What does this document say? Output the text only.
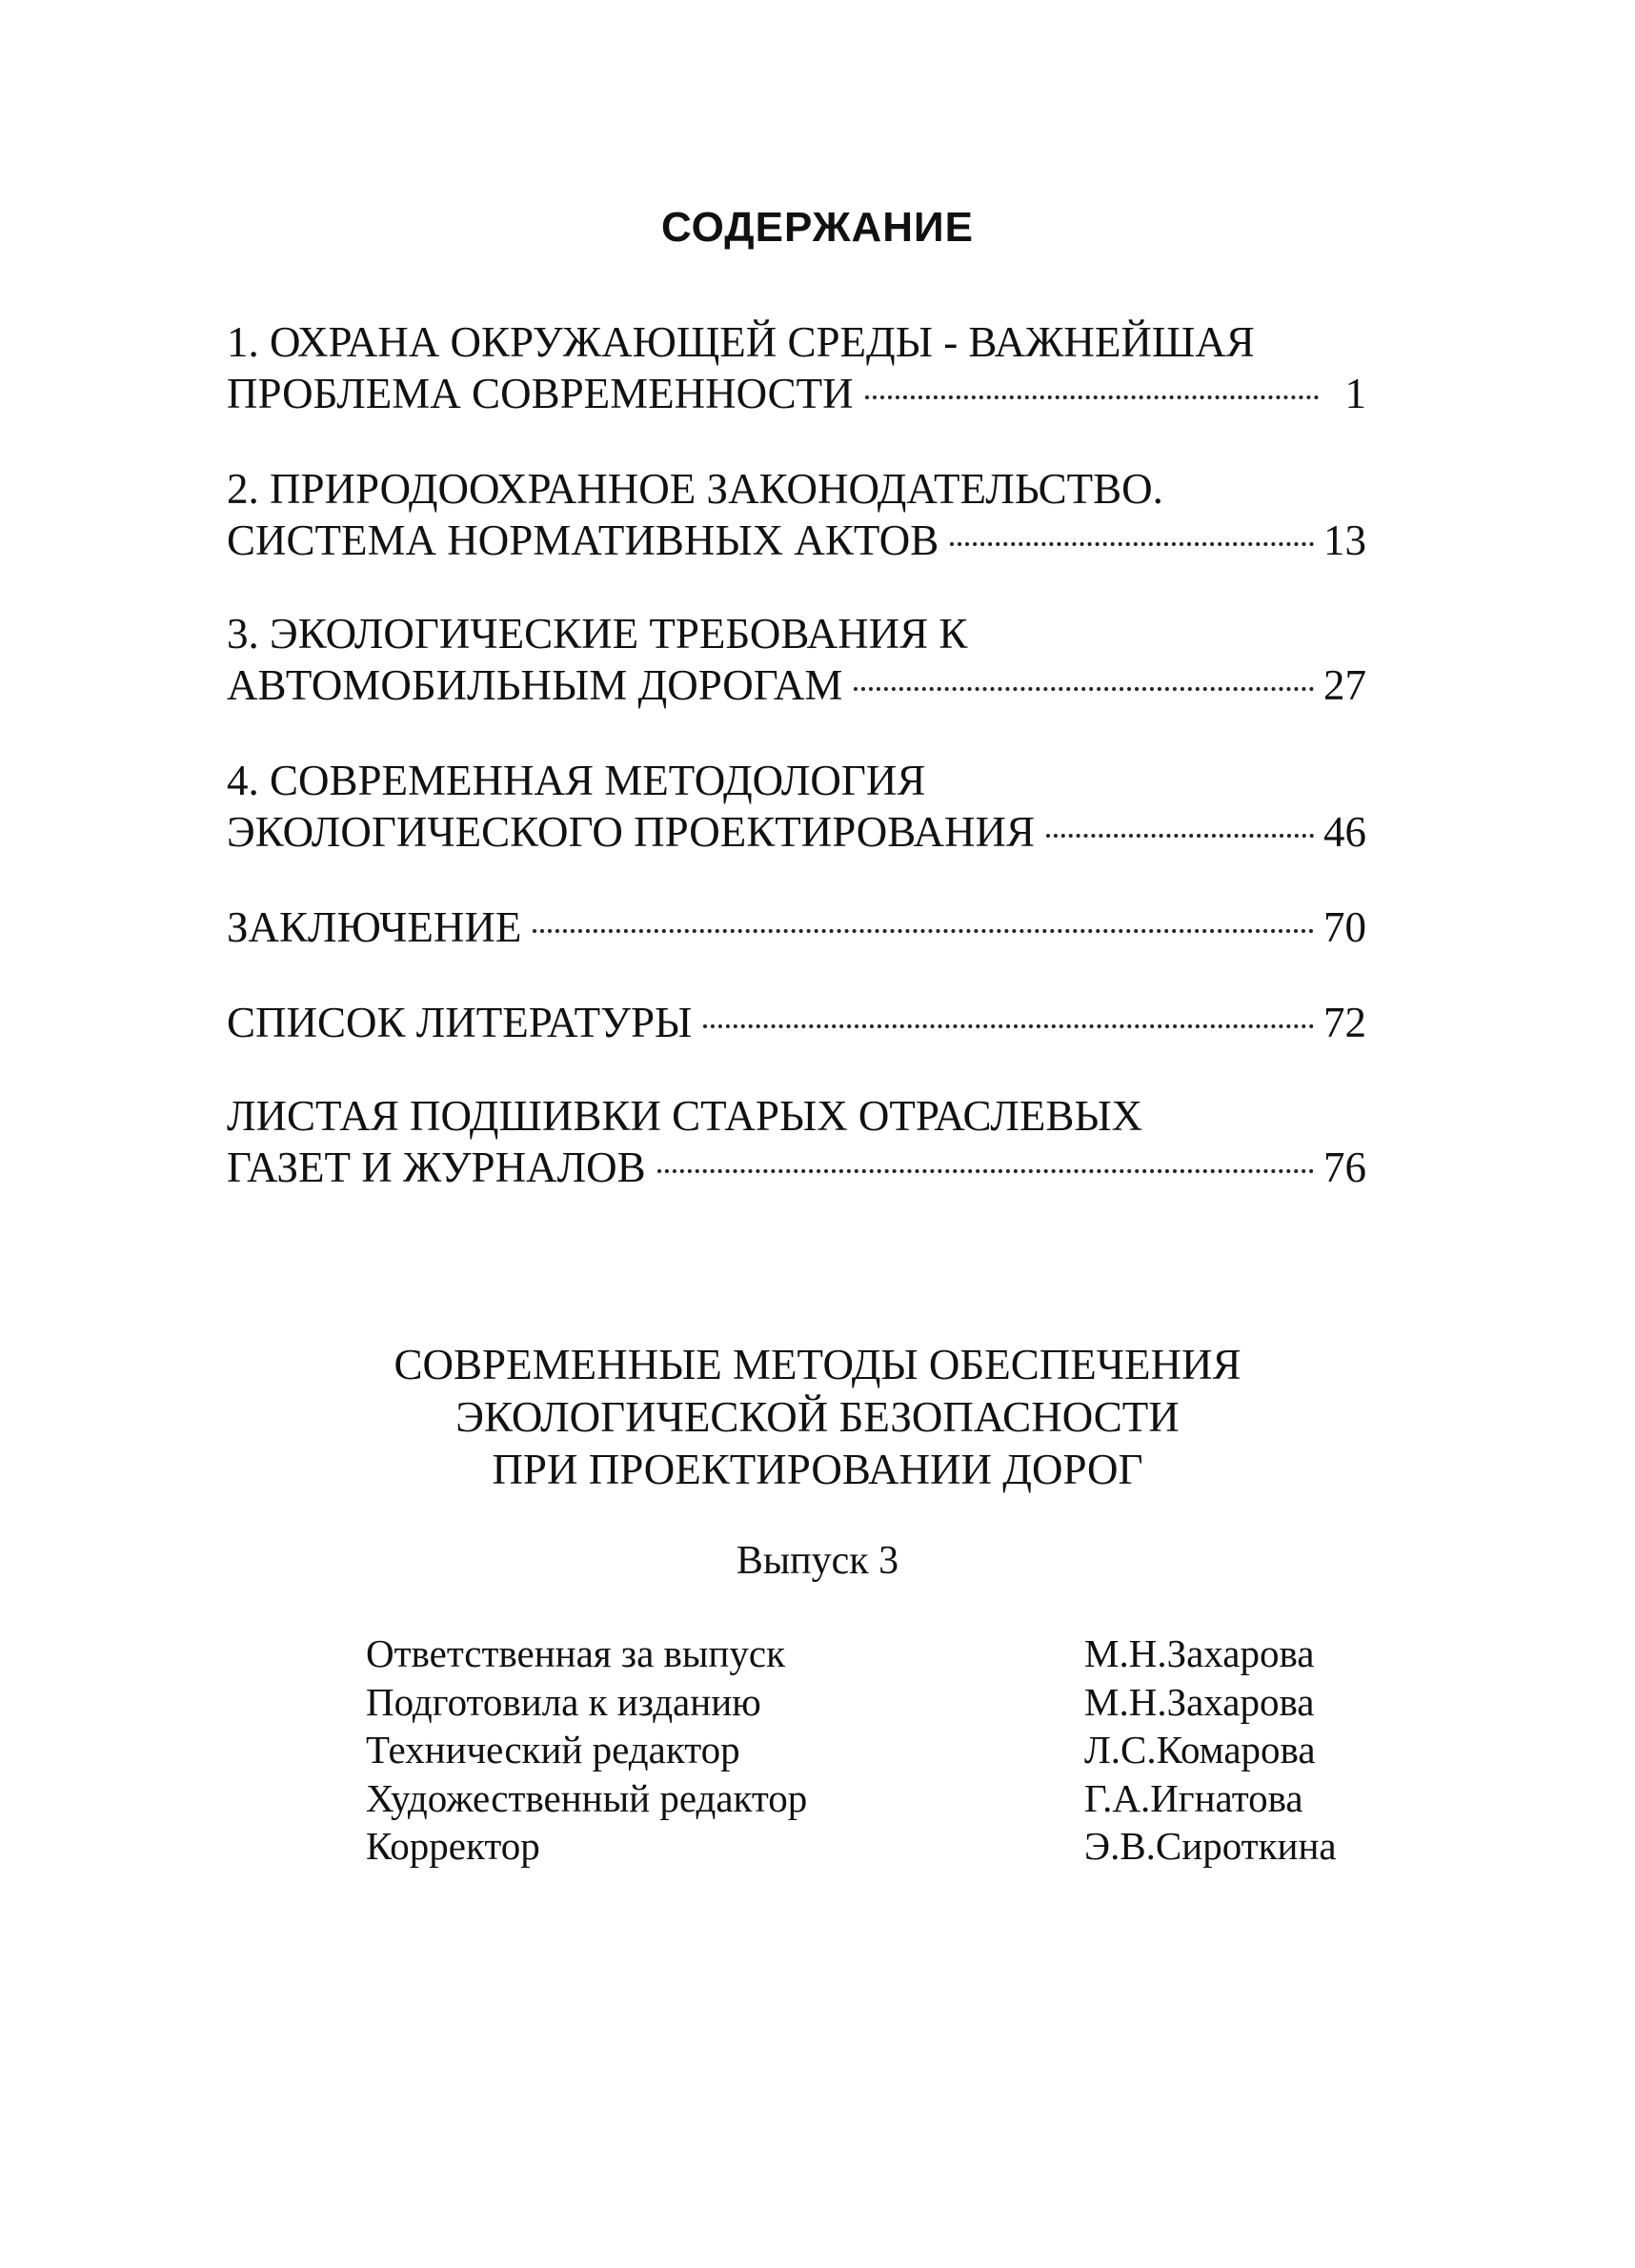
СОДЕРЖАНИЕ
1. ОХРАНА ОКРУЖАЮЩЕЙ СРЕДЫ - ВАЖНЕЙШАЯ
ПРОБЛЕМА СОВРЕМЕННОСТИ	1
2. ПРИРОДООХРАННОЕ ЗАКОНОДАТЕЛЬСТВО.
СИСТЕМА НОРМАТИВНЫХ АКТОВ	13
3. ЭКОЛОГИЧЕСКИЕ ТРЕБОВАНИЯ К
АВТОМОБИЛЬНЫМ ДОРОГАМ	27
4. СОВРЕМЕННАЯ МЕТОДОЛОГИЯ
ЭКОЛОГИЧЕСКОГО ПРОЕКТИРОВАНИЯ	46
ЗАКЛЮЧЕНИЕ	70
СПИСОК ЛИТЕРАТУРЫ	72
ЛИСТАЯ ПОДШИВКИ СТАРЫХ ОТРАСЛЕВЫХ
ГАЗЕТ И ЖУРНАЛОВ	76
СОВРЕМЕННЫЕ МЕТОДЫ ОБЕСПЕЧЕНИЯ
ЭКОЛОГИЧЕСКОЙ БЕЗОПАСНОСТИ
ПРИ ПРОЕКТИРОВАНИИ ДОРОГ
Выпуск 3
Ответственная за выпуск	М.Н.Захарова
Подготовила к изданию	М.Н.Захарова
Технический редактор	Л.С.Комарова
Художественный редактор	Г.А.Игнатова
Корректор	Э.В.Сироткина
